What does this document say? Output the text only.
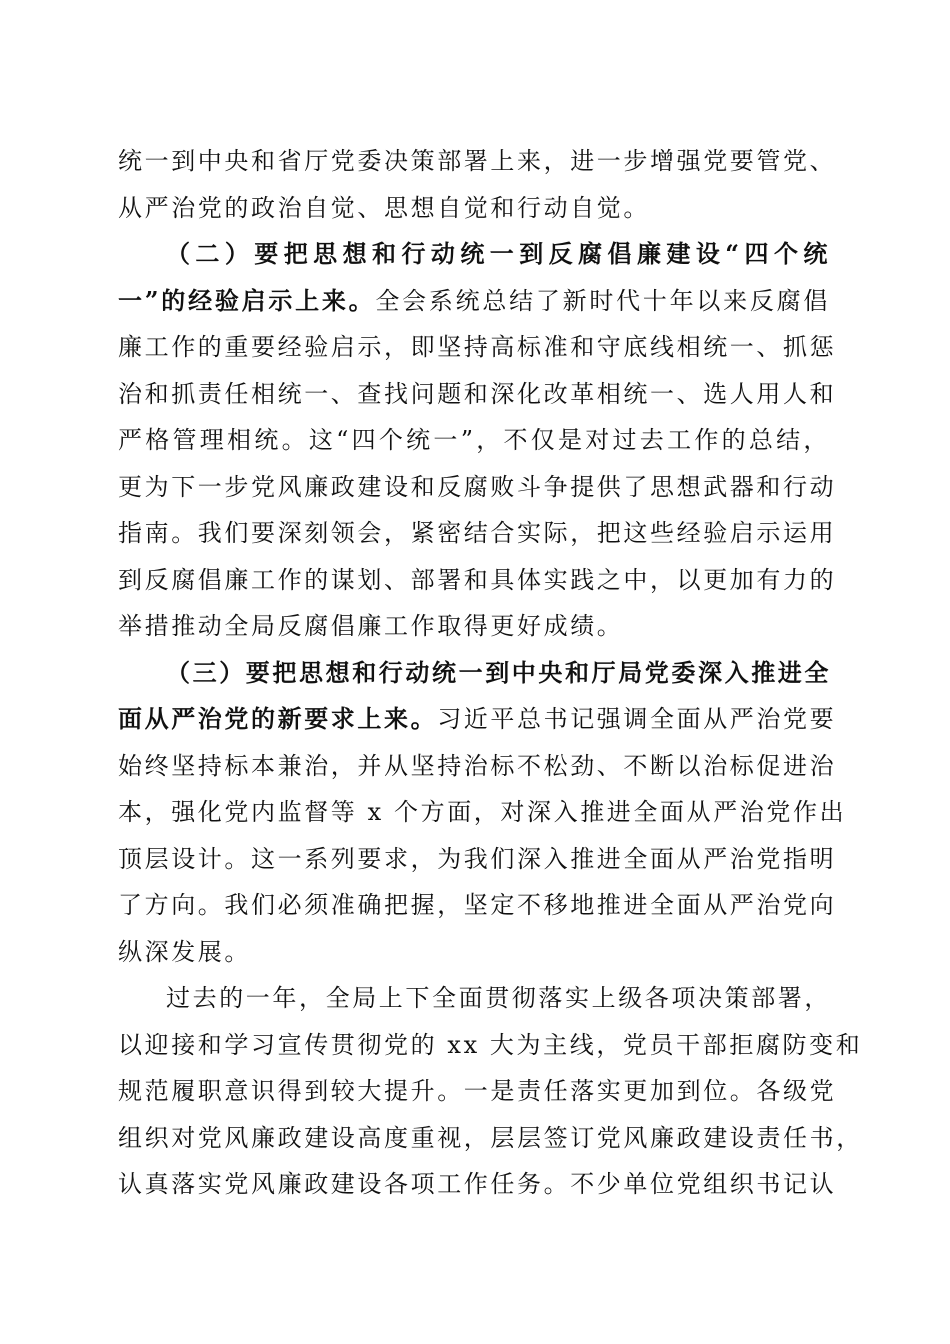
统一到中央和省厅党委决策部署上来，进一步增强党要管党、
从严治党的政治自觉、思想自觉和行动自觉。
（二）要把思想和行动统一到反腐倡廉建设“四个统
一”的经验启示上来。全会系统总结了新时代十年以来反腐倡
廉工作的重要经验启示，即坚持高标准和守底线相统一、抓惩
治和抓责任相统一、查找问题和深化改革相统一、选人用人和
严格管理相统。这“四个统一”，不仅是对过去工作的总结，
更为下一步党风廉政建设和反腐败斗争提供了思想武器和行动
指南。我们要深刻领会，紧密结合实际，把这些经验启示运用
到反腐倡廉工作的谋划、部署和具体实践之中，以更加有力的
举措推动全局反腐倡廉工作取得更好成绩。
（三）要把思想和行动统一到中央和厅局党委深入推进全
面从严治党的新要求上来。习近平总书记强调全面从严治党要
始终坚持标本兼治，并从坚持治标不松劲、不断以治标促进治
本，强化党内监督等 x 个方面，对深入推进全面从严治党作出
顶层设计。这一系列要求，为我们深入推进全面从严治党指明
了方向。我们必须准确把握，坚定不移地推进全面从严治党向
纵深发展。
过去的一年，全局上下全面贯彻落实上级各项决策部署，
以迎接和学习宣传贯彻党的 xx 大为主线，党员干部拒腐防变和
规范履职意识得到较大提升。一是责任落实更加到位。各级党
组织对党风廉政建设高度重视，层层签订党风廉政建设责任书，
认真落实党风廉政建设各项工作任务。不少单位党组织书记认
